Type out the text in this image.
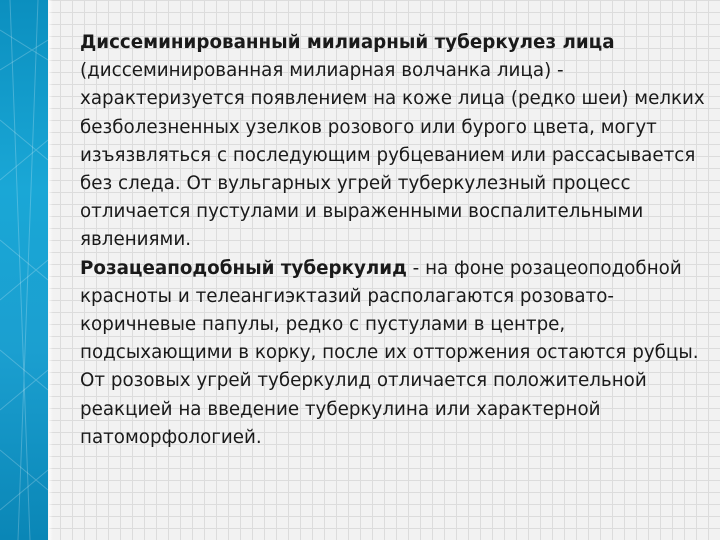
Диссеминированный милиарный туберкулез лица
(диссеминированная милиарная волчанка лица) - характеризуется появлением на коже лица (редко шеи) мелких безболезненных узелков розового или бурого цвета, могут изъязвляться с последующим рубцеванием или рассасывается без следа. От вульгарных угрей туберкулезный процесс отличается пустулами и выраженными воспалительными явлениями.

Розацеаподобный туберкулид - на фоне розацеоподобной красноты и телеангиэктазий располагаются розовато- коричневые папулы, редко с пустулами в центре, подсыхающими в корку, после их отторжения остаются рубцы. От розовых угрей туберкулид отличается положительной реакцией на введение туберкулина или характерной патоморфологией.
